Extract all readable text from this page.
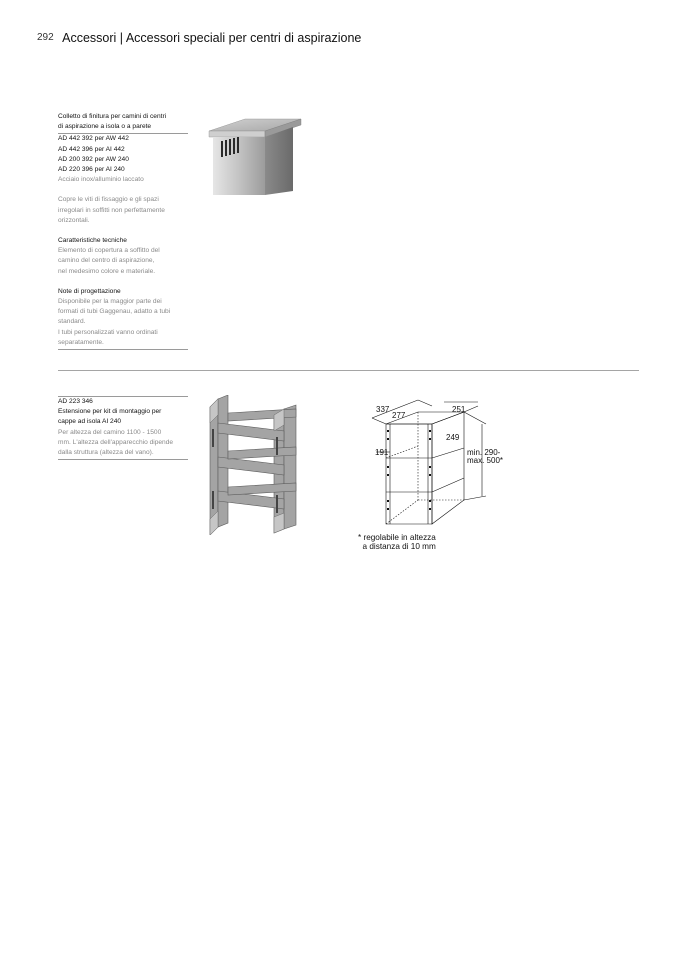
292 Accessori | Accessori speciali per centri di aspirazione
Colletto di finitura per camini di centri
di aspirazione a isola o a parete
AD 442 392 per AW 442
AD 442 396 per AI 442
AD 200 392 per AW 240
AD 220 396 per AI 240
Acciaio inox/alluminio laccato
Copre le viti di fissaggio e gli spazi
irregolari in soffitti non perfettamente
orizzontali.
Caratteristiche tecniche
Elemento di copertura a soffitto del
camino del centro di aspirazione,
nel medesimo colore e materiale.
Note di progettazione
Disponibile per la maggior parte dei
formati di tubi Gaggenau, adatto a tubi
standard.
I tubi personalizzati vanno ordinati
separatamente.
AD 223 346
Estensione per kit di montaggio per
cappe ad isola AI 240
Per altezza del camino 1100 - 1500
mm. L'altezza dell'apparecchio dipende
dalla struttura (altezza del vano).
337
277
251
249
191	min. 290-
max. 500*
* regolabile in altezza
a distanza di 10 mm
